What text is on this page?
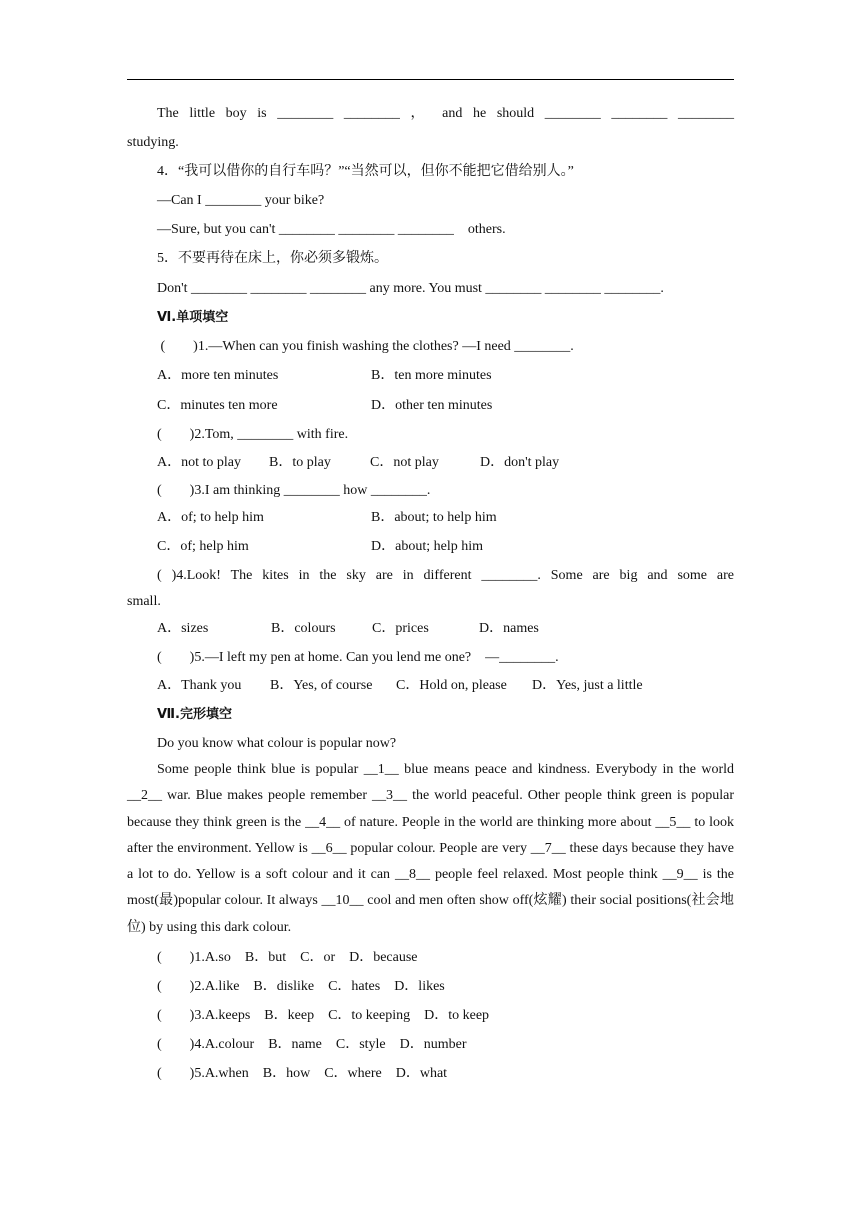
The little boy is ________ ________ ， and he should ________ ________ ________
studying.
4．“我可以借你的自行车吗？”“当然可以，但你不能把它借给别人。”
—Can I ________ your bike?
—Sure, but you can't ________ ________ ________    others.
5．不要再待在床上，你必须多锻炼。
Don't ________ ________ ________ any more. You must ________ ________ ________.
Ⅵ.单项填空
(        )1.—When can you finish washing the clothes? —I need ________.
A．more ten minutes	B．ten more minutes
C．minutes ten more	D．other ten minutes
(        )2.Tom, ________ with fire.
A．not to play	B．to play	C．not play	D．don't play
(        )3.I am thinking ________ how ________.
A．of; to help him	B．about; to help him
C．of; help him	D．about; help him
( )4.Look! The kites in the sky are in different ________. Some are big and some are
small.
A．sizes	B．colours	C．prices	D．names
(        )5.—I left my pen at home. Can you lend me one?    —________.
A．Thank you	B．Yes, of course	C．Hold on, please	D．Yes, just a little
Ⅶ.完形填空
Do you know what colour is popular now?
Some people think blue is popular __1__ blue means peace and kindness. Everybody in the world __2__ war. Blue makes people remember __3__ the world peaceful. Other people think green is popular because they think green is the __4__ of nature. People in the world are thinking more about __5__ to look after the environment. Yellow is __6__ popular colour. People are very __7__ these days because they have a lot to do. Yellow is a soft colour and it can __8__ people feel relaxed. Most people think __9__ is the most(最)popular colour. It always __10__ cool and men often show off(炫耀) their social positions(社会地位) by using this dark colour.
(        )1.A.so    B．but    C．or    D．because
(        )2.A.like    B．dislike    C．hates    D．likes
(        )3.A.keeps    B．keep    C．to keeping    D．to keep
(        )4.A.colour    B．name    C．style    D．number
(        )5.A.when    B．how    C．where    D．what
